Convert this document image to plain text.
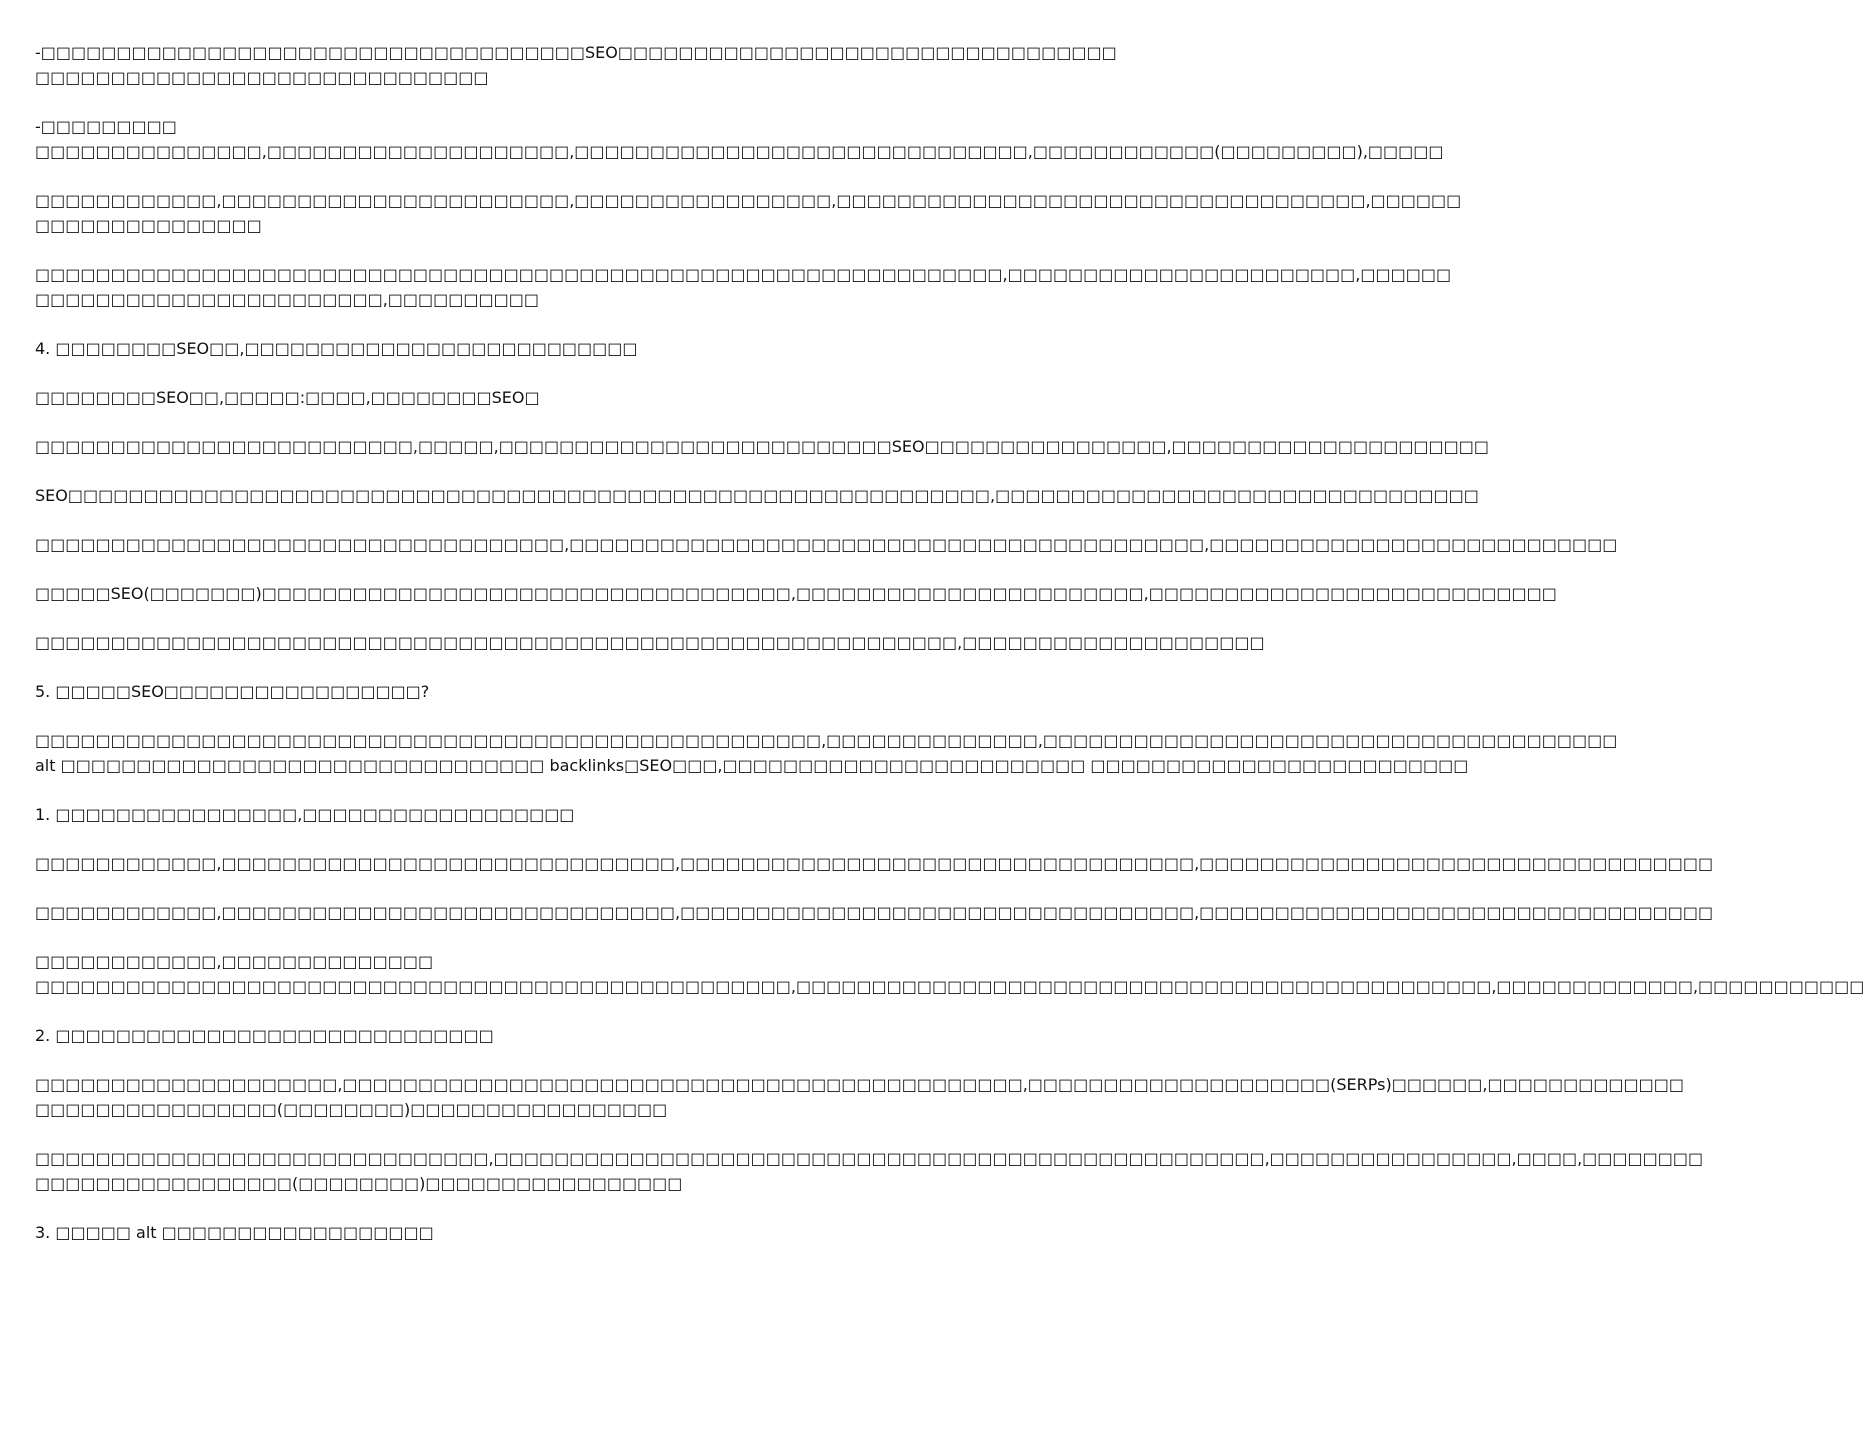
-□□□□□□□□□□□□□□□□□□□□□□□□□□□□□□□□□□□□SEO□□□□□□□□□□□□□□□□□□□□□□□□□□□□□□□□□
□□□□□□□□□□□□□□□□□□□□□□□□□□□□□□
-□□□□□□□□□
□□□□□□□□□□□□□□□,□□□□□□□□□□□□□□□□□□□□,□□□□□□□□□□□□□□□□□□□□□□□□□□□□□□,□□□□□□□□□□□□(□□□□□□□□□),□□□□□
□□□□□□□□□□□□,□□□□□□□□□□□□□□□□□□□□□□□,□□□□□□□□□□□□□□□□□,□□□□□□□□□□□□□□□□□□□□□□□□□□□□□□□□□□□,□□□□□□
□□□□□□□□□□□□□□□
□□□□□□□□□□□□□□□□□□□□□□□□□□□□□□□□□□□□□□□□□□□□□□□□□□□□□□□□□□□□□□□□,□□□□□□□□□□□□□□□□□□□□□□□,□□□□□□
□□□□□□□□□□□□□□□□□□□□□□□,□□□□□□□□□□
4. □□□□□□□□SEO□□,□□□□□□□□□□□□□□□□□□□□□□□□□□
□□□□□□□□SEO□□,□□□□□:□□□□,□□□□□□□□SEO□
□□□□□□□□□□□□□□□□□□□□□□□□□,□□□□□,□□□□□□□□□□□□□□□□□□□□□□□□□□SEO□□□□□□□□□□□□□□□□,□□□□□□□□□□□□□□□□□□□□□
SEO□□□□□□□□□□□□□□□□□□□□□□□□□□□□□□□□□□□□□□□□□□□□□□□□□□□□□□□□□□□□□,□□□□□□□□□□□□□□□□□□□□□□□□□□□□□□□□
□□□□□□□□□□□□□□□□□□□□□□□□□□□□□□□□□□□,□□□□□□□□□□□□□□□□□□□□□□□□□□□□□□□□□□□□□□□□□□,□□□□□□□□□□□□□□□□□□□□□□□□□□□
□□□□□SEO(□□□□□□□)□□□□□□□□□□□□□□□□□□□□□□□□□□□□□□□□□□□,□□□□□□□□□□□□□□□□□□□□□□□,□□□□□□□□□□□□□□□□□□□□□□□□□□□
□□□□□□□□□□□□□□□□□□□□□□□□□□□□□□□□□□□□□□□□□□□□□□□□□□□□□□□□□□□□□,□□□□□□□□□□□□□□□□□□□□
5. □□□□□SEO□□□□□□□□□□□□□□□□□?
□□□□□□□□□□□□□□□□□□□□□□□□□□□□□□□□□□□□□□□□□□□□□□□□□□□□,□□□□□□□□□□□□□□,□□□□□□□□□□□□□□□□□□□□□□□□□□□□□□□□□□□□□□
alt □□□□□□□□□□□□□□□□□□□□□□□□□□□□□□□□ backlinks□SEO□□□,□□□□□□□□□□□□□□□□□□□□□□□□ □□□□□□□□□□□□□□□□□□□□□□□□□
1. □□□□□□□□□□□□□□□□,□□□□□□□□□□□□□□□□□□
□□□□□□□□□□□□,□□□□□□□□□□□□□□□□□□□□□□□□□□□□□□,□□□□□□□□□□□□□□□□□□□□□□□□□□□□□□□□□□,□□□□□□□□□□□□□□□□□□□□□□□□□□□□□□□□□□
□□□□□□□□□□□□,□□□□□□□□□□□□□□□□□□□□□□□□□□□□□□,□□□□□□□□□□□□□□□□□□□□□□□□□□□□□□□□□□,□□□□□□□□□□□□□□□□□□□□□□□□□□□□□□□□□□
□□□□□□□□□□□□,□□□□□□□□□□□□□□
□□□□□□□□□□□□□□□□□□□□□□□□□□□□□□□□□□□□□□□□□□□□□□□□□□,□□□□□□□□□□□□□□□□□□□□□□□□□□□□□□□□□□□□□□□□□□□□□□,□□□□□□□□□□□□□,□□□□□□□□□□□
2. □□□□□□□□□□□□□□□□□□□□□□□□□□□□□
□□□□□□□□□□□□□□□□□□□□,□□□□□□□□□□□□□□□□□□□□□□□□□□□□□□□□□□□□□□□□□□□□□,□□□□□□□□□□□□□□□□□□□□(SERPs)□□□□□□,□□□□□□□□□□□□□
□□□□□□□□□□□□□□□□(□□□□□□□□)□□□□□□□□□□□□□□□□□
□□□□□□□□□□□□□□□□□□□□□□□□□□□□□□,□□□□□□□□□□□□□□□□□□□□□□□□□□□□□□□□□□□□□□□□□□□□□□□□□□□,□□□□□□□□□□□□□□□□,□□□□,□□□□□□□□
□□□□□□□□□□□□□□□□□(□□□□□□□□)□□□□□□□□□□□□□□□□□
3. □□□□□ alt □□□□□□□□□□□□□□□□□□
